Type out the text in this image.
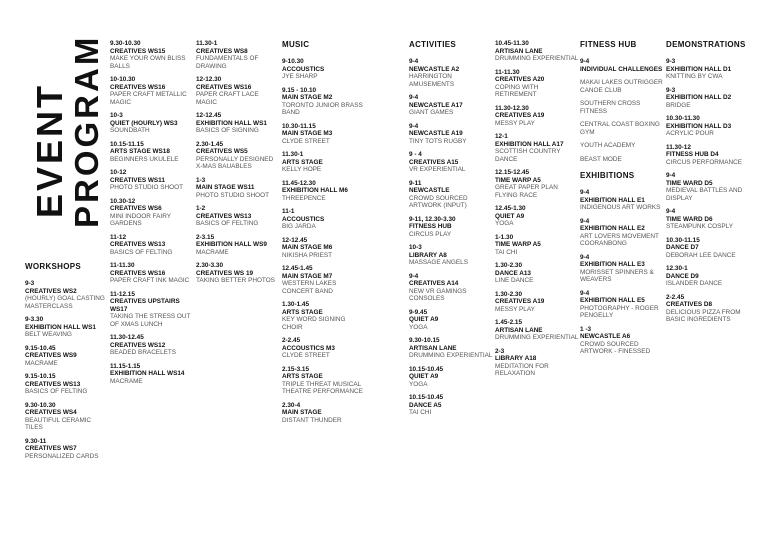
EVENT
PROGRAM
WORKSHOPS
9-3
CREATIVES WS2
(HOURLY) GOAL CASTING MASTERCLASS
9-3.30
EXHIBITION HALL WS1
BELT WEAVING
9.15-10.45
CREATIVES WS9
MACRAME
9.15-10.15
CREATIVES WS13
BASICS OF FELTING
9.30-10.30
CREATIVES WS4
BEAUTIFUL CERAMIC TILES
9.30-11
CREATIVES WS7
PERSONALIZED CARDS
9.30-10.30
CREATIVES WS15
MAKE YOUR OWN BLISS BALLS
10-10.30
CREATIVES WS16
PAPER CRAFT METALLIC MAGIC
10-3
QUIET (HOURLY) WS3
SOUNDBATH
10.15-11.15
ARTS STAGE WS18
BEGINNERS UKULELE
10-12
CREATIVES WS11
PHOTO STUDIO SHOOT
10.30-12
CREATIVES WS6
MINI INDOOR FAIRY GARDENS
11-12
CREATIVES WS13
BASICS OF FELTING
11-11.30
CREATIVES WS16
PAPER CRAFT INK MAGIC
11-12.15
CREATIVES UPSTAIRS WS17
TAKING THE STRESS OUT OF XMAS LUNCH
11.30-12.45
CREATIVES WS12
BEADED BRACELETS
11.15-1.15
EXHIBITION HALL WS14
MACRAME
11.30-1
CREATIVES WS8
FUNDAMENTALS OF DRAWING
12-12.30
CREATIVES WS16
PAPER CRAFT LACE MAGIC
12-12.45
EXHIBITION HALL WS1
BASICS OF SIGNING
2.30-1.45
CREATIVES WS5
PERSONALLY DESIGNED X-MAS BAUABLES
1-3
MAIN STAGE WS11
PHOTO STUDIO SHOOT
1-2
CREATIVES WS13
BASICS OF FELTING
2-3.15
EXHIBITION HALL WS9
MACRAME
2.30-3.30
CREATIVES WS 19
TAKING BETTER PHOTOS
MUSIC
9-10.30
ACCOUSTICS
JYE SHARP
9.15 - 10.10
MAIN STAGE M2
TORONTO JUNIOR BRASS BAND
10.30-11.15
MAIN STAGE M3
CLYDE STREET
11.30-1
ARTS STAGE
KELLY HOPE
11.45-12.30
EXHIBITION HALL M6
THREEPENCE
11-1
ACCOUSTICS
BIG JARDA
12-12.45
MAIN STAGE M6
NIKISHA PRIEST
12.45-1.45
MAIN STAGE M7
WESTERN LAKES CONCERT BAND
1.30-1.45
ARTS STAGE
KEY WORD SIGNING CHOIR
2-2.45
ACCOUSTICS M3
CLYDE STREET
2.15-3.15
ARTS STAGE
TRIPLE THREAT MUSICAL THEATRE PERFORMANCE
2.30-4
MAIN STAGE
DISTANT THUNDER
ACTIVITIES
9-4
NEWCASTLE A2
HARRINGTON AMUSEMENTS
9-4
NEWCASTLE A17
GIANT GAMES
9-4
NEWCASTLE A19
TINY TOTS RUGBY
9 - 4
CREATIVES A15
VR EXPERIENTIAL
9-11
NEWCASTLE
CROWD SOURCED ARTWORK (INPUT)
9-11, 12.30-3.30
FITNESS HUB
CIRCUS PLAY
10-3
LIBRARY A8
MASSAGE ANGELS
9-4
CREATIVES A14
NEW VR GAMINGS CONSOLES
9-9.45
QUIET A9
YOGA
9.30-10.15
ARTISAN LANE
DRUMMING EXPERIENTIAL
10.15-10.45
QUIET A9
YOGA
10.15-10.45
DANCE A5
TAI CHI
10.45-11.30
ARTISAN LANE
DRUMMING EXPERIENTIAL
11-11.30
CREATIVES A20
COPING WITH RETIREMENT
11.30-12.30
CREATIVES A19
MESSY PLAY
12-1
EXHIBITION HALL A17
SCOTTISH COUNTRY DANCE
12.15-12.45
TIME WARP A5
GREAT PAPER PLAN FLYING RACE
12.45-1.30
QUIET A9
YOGA
1-1.30
TIME WARP A5
TAI CHI
1.30-2.30
DANCE A13
LINE DANCE
1.30-2.30
CREATIVES A19
MESSY PLAY
1.45-2.15
ARTISAN LANE
DRUMMING EXPERIENTIAL
2-3
LIBRARY A18
MEDITATION FOR RELAXATION
FITNESS HUB
9-4
INDIVIDUAL CHALLENGES
MAKAI LAKES OUTRIGGER CANOE CLUB
SOUTHERN CROSS FITNESS
CENTRAL COAST BOXING GYM
YOUTH ACADEMY
BEAST MODE
EXHIBITIONS
9-4
EXHIBITION HALL E1
INDIGENOUS ART WORKS
9-4
EXHIBITION HALL E2
ART LOVERS MOVEMENT COORANBONG
9-4
EXHIBITION HALL E3
MORISSET SPINNERS & WEAVERS
9-4
EXHIBITION HALL E5
PHOTOGRAPHY - ROGER PENGELLY
1 -3
NEWCASTLE A6
CROWD SOURCED ARTWORK - FINESSED
DEMONSTRATIONS
9-3
EXHIBITION HALL D1
KNITTING BY CWA
9-3
EXHIBITION HALL D2
BRIDGE
10.30-11.30
EXHIBITION HALL D3
ACRYLIC POUR
11.30-12
FITNESS HUB D4
CIRCUS PERFORMANCE
9-4
TIME WARD D5
MEDIEVAL BATTLES AND DISPLAY
9-4
TIME WARD D6
STEAMPUNK COSPLY
10.30-11.15
DANCE D7
DEBORAH LEE DANCE
12.30-1
DANCE D9
ISLANDER DANCE
2-2.45
CREATIVES D8
DELICIOUS PIZZA FROM BASIC INGREDIENTS
